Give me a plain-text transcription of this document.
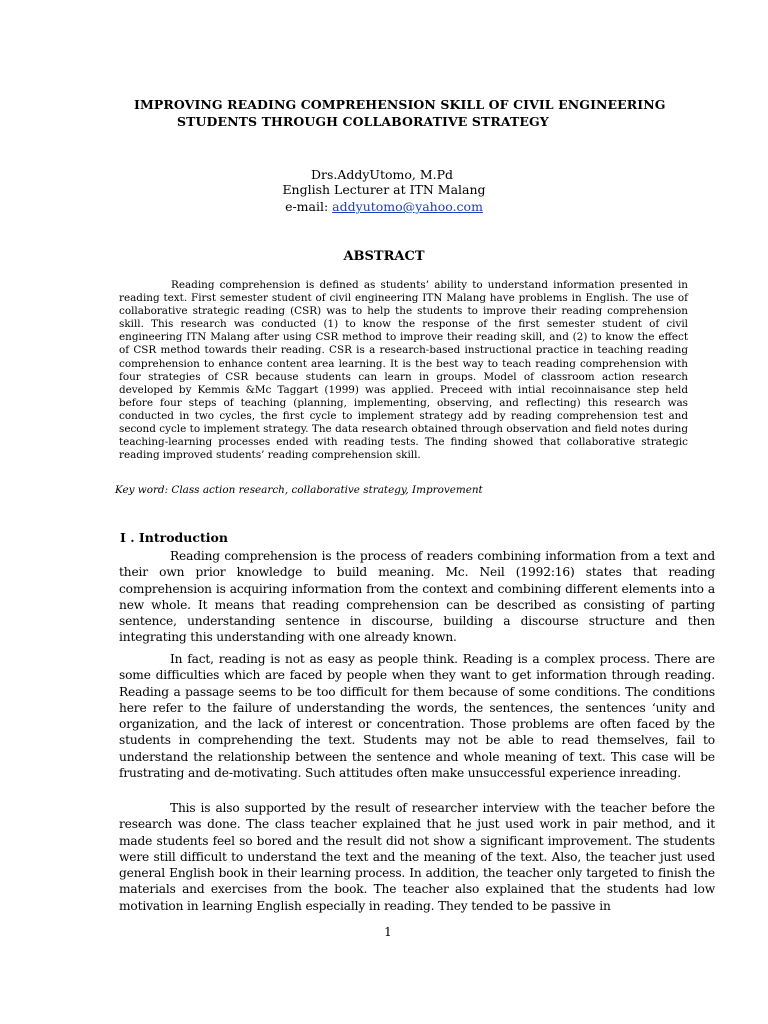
IMPROVING READING COMPREHENSION SKILL OF CIVIL ENGINEERING
STUDENTS THROUGH COLLABORATIVE STRATEGY
Drs.AddyUtomo, M.Pd
English Lecturer at ITN Malang
e-mail: addyutomo@yahoo.com
ABSTRACT

Reading comprehension is defined as students’ ability to understand information presented in reading text. First semester student of civil engineering ITN Malang have problems in English. The use of collaborative strategic reading (CSR) was to help the students to improve their reading comprehension skill. This research was conducted (1) to know the response of the first semester student of civil engineering ITN Malang after using CSR method to improve their reading skill, and (2) to know the effect of CSR method towards their reading. CSR is a research-based instructional practice in teaching reading comprehension to enhance content area learning. It is the best way to teach reading comprehension with four strategies of CSR because students can learn in groups. Model of classroom action research developed by Kemmis &Mc Taggart (1999) was applied. Preceed with intial recoinnaisance step held before four steps of teaching (planning, implementing, observing, and reflecting) this research was conducted in two cycles, the first cycle to implement strategy add by reading comprehension test and second cycle to implement strategy. The data research obtained through observation and field notes during teaching-learning processes ended with reading tests. The finding showed that collaborative strategic reading improved students’ reading comprehension skill.

Key word: Class action research, collaborative strategy, Improvement
I . Introduction

Reading comprehension is the process of readers combining information from a text and their own prior knowledge to build meaning. Mc. Neil (1992:16) states that reading comprehension is acquiring information from the context and combining different elements into a new whole. It means that reading comprehension can be described as consisting of parting sentence, understanding sentence in discourse, building a discourse structure and then integrating this understanding with one already known.

In fact, reading is not as easy as people think. Reading is a complex process. There are some difficulties which are faced by people when they want to get information through reading. Reading a passage seems to be too difficult for them because of some conditions. The conditions here refer to the failure of understanding the words, the sentences, the sentences ‘unity and organization, and the lack of interest or concentration. Those problems are often faced by the students in comprehending the text. Students may not be able to read themselves, fail to understand the relationship between the sentence and whole meaning of text. This case will be frustrating and de-motivating. Such attitudes often make unsuccessful experience inreading.

This is also supported by the result of researcher interview with the teacher before the research was done. The class teacher explained that he just used work in pair method, and it made students feel so bored and the result did not show a significant improvement. The students were still difficult to understand the text and the meaning of the text. Also, the teacher just used general English book in their learning process. In addition, the teacher only targeted to finish the materials and exercises from the book. The teacher also explained that the students had low motivation in learning English especially in reading. They tended to be passive in

1
